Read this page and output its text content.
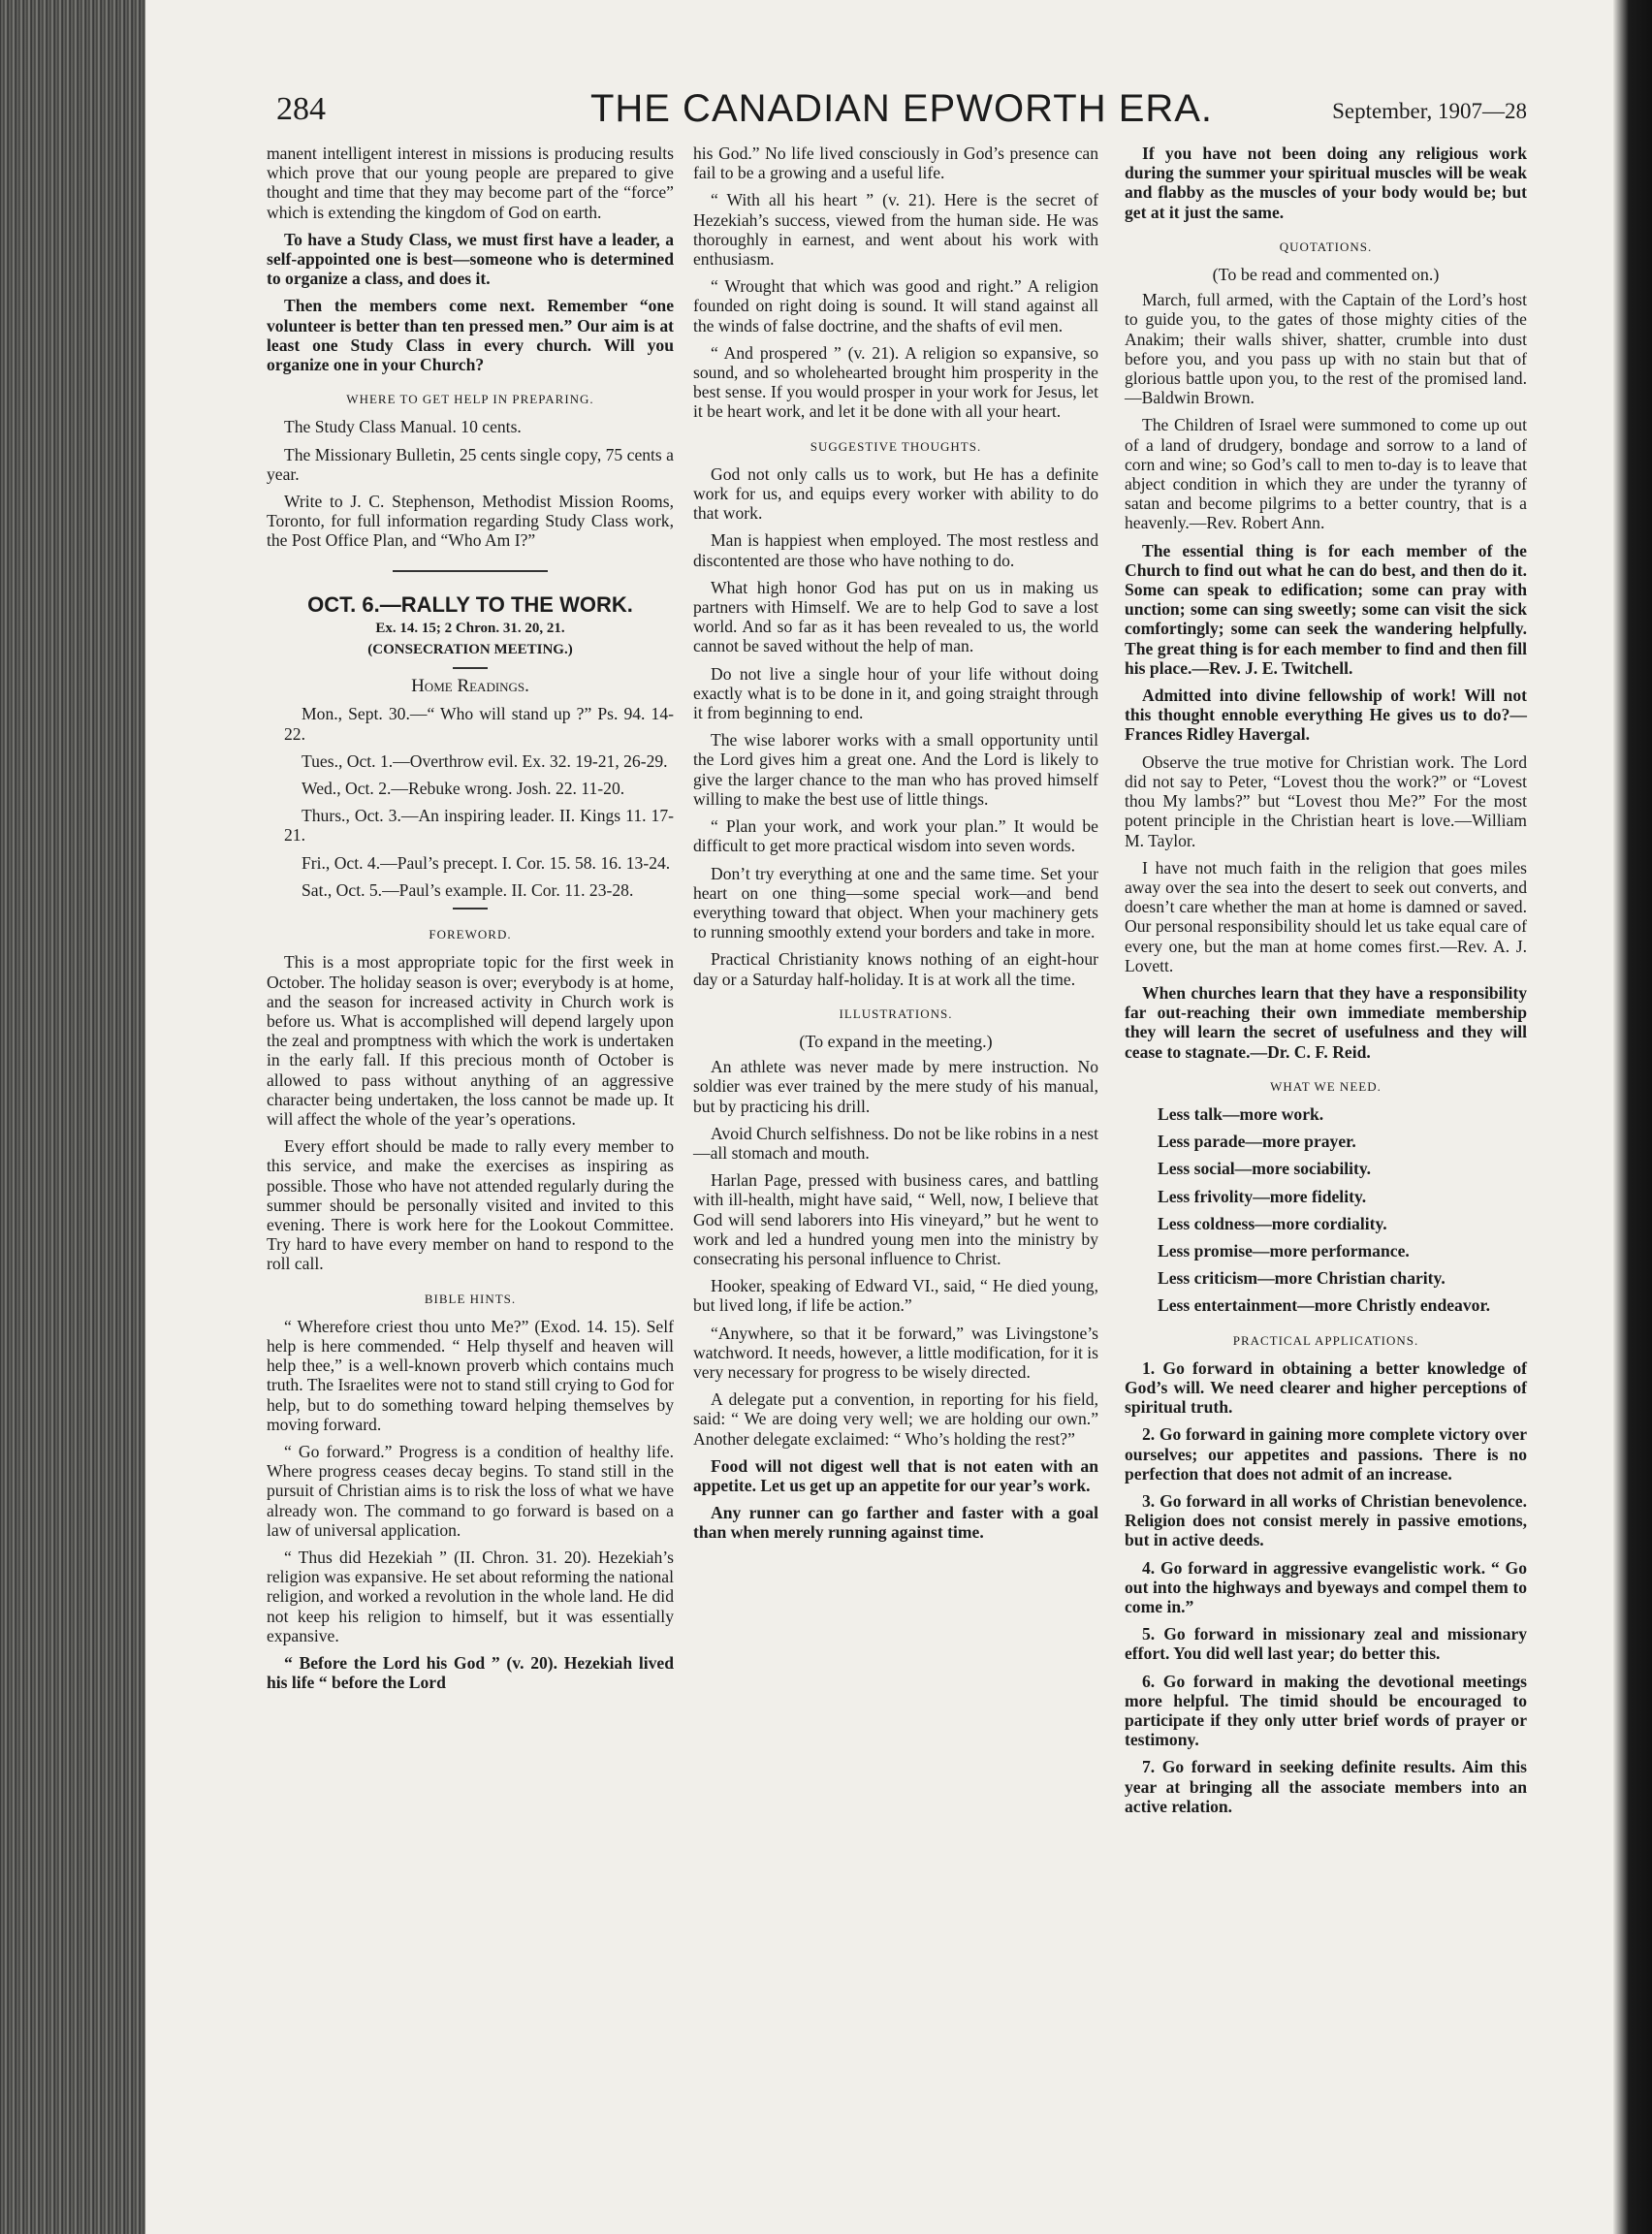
284	THE CANADIAN EPWORTH ERA.	September, 1907—28

manent intelligent interest in missions is producing results which prove that our young people are prepared to give thought and time that they may become part of the “force” which is extending the kingdom of God on earth.

To have a Study Class, we must first have a leader, a self-appointed one is best—someone who is determined to organize a class, and does it.

Then the members come next. Remember “one volunteer is better than ten pressed men.” Our aim is at least one Study Class in every church. Will you organize one in your Church?

WHERE TO GET HELP IN PREPARING.

The Study Class Manual. 10 cents.

The Missionary Bulletin, 25 cents single copy, 75 cents a year.

Write to J. C. Stephenson, Methodist Mission Rooms, Toronto, for full information regarding Study Class work, the Post Office Plan, and “Who Am I?”

OCT. 6.—RALLY TO THE WORK.
Ex. 14. 15; 2 Chron. 31. 20, 21.
(CONSECRATION MEETING.)
Home Readings.

Mon., Sept. 30.—“ Who will stand up ?” Ps. 94. 14-22.

Tues., Oct. 1.—Overthrow evil. Ex. 32. 19-21, 26-29.

Wed., Oct. 2.—Rebuke wrong. Josh. 22. 11-20.

Thurs., Oct. 3.—An inspiring leader. II. Kings 11. 17-21.

Fri., Oct. 4.—Paul’s precept. I. Cor. 15. 58. 16. 13-24.

Sat., Oct. 5.—Paul’s example. II. Cor. 11. 23-28.

FOREWORD.

This is a most appropriate topic for the first week in October. The holiday season is over; everybody is at home, and the season for increased activity in Church work is before us. What is accomplished will depend largely upon the zeal and promptness with which the work is undertaken in the early fall. If this precious month of October is allowed to pass without anything of an aggressive character being undertaken, the loss cannot be made up. It will affect the whole of the year’s operations.

Every effort should be made to rally every member to this service, and make the exercises as inspiring as possible. Those who have not attended regularly during the summer should be personally visited and invited to this evening. There is work here for the Lookout Committee. Try hard to have every member on hand to respond to the roll call.

BIBLE HINTS.

“ Wherefore criest thou unto Me?” (Exod. 14. 15). Self help is here commended. “ Help thyself and heaven will help thee,” is a well-known proverb which contains much truth. The Israelites were not to stand still crying to God for help, but to do something toward helping themselves by moving forward.

“ Go forward.” Progress is a condition of healthy life. Where progress ceases decay begins. To stand still in the pursuit of Christian aims is to risk the loss of what we have already won. The command to go forward is based on a law of universal application.

“ Thus did Hezekiah ” (II. Chron. 31. 20). Hezekiah’s religion was expansive. He set about reforming the national religion, and worked a revolution in the whole land. He did not keep his religion to himself, but it was essentially expansive.

“ Before the Lord his God ” (v. 20). Hezekiah lived his life “ before the Lord

his God.” No life lived consciously in God’s presence can fail to be a growing and a useful life.

“ With all his heart ” (v. 21). Here is the secret of Hezekiah’s success, viewed from the human side. He was thoroughly in earnest, and went about his work with enthusiasm.

“ Wrought that which was good and right.” A religion founded on right doing is sound. It will stand against all the winds of false doctrine, and the shafts of evil men.

“ And prospered ” (v. 21). A religion so expansive, so sound, and so wholehearted brought him prosperity in the best sense. If you would prosper in your work for Jesus, let it be heart work, and let it be done with all your heart.

SUGGESTIVE THOUGHTS.

God not only calls us to work, but He has a definite work for us, and equips every worker with ability to do that work.

Man is happiest when employed. The most restless and discontented are those who have nothing to do.

What high honor God has put on us in making us partners with Himself. We are to help God to save a lost world. And so far as it has been revealed to us, the world cannot be saved without the help of man.

Do not live a single hour of your life without doing exactly what is to be done in it, and going straight through it from beginning to end.

The wise laborer works with a small opportunity until the Lord gives him a great one. And the Lord is likely to give the larger chance to the man who has proved himself willing to make the best use of little things.

“ Plan your work, and work your plan.” It would be difficult to get more practical wisdom into seven words.

Don’t try everything at one and the same time. Set your heart on one thing—some special work—and bend everything toward that object. When your machinery gets to running smoothly extend your borders and take in more.

Practical Christianity knows nothing of an eight-hour day or a Saturday half-holiday. It is at work all the time.

ILLUSTRATIONS.
(To expand in the meeting.)

An athlete was never made by mere instruction. No soldier was ever trained by the mere study of his manual, but by practicing his drill.

Avoid Church selfishness. Do not be like robins in a nest—all stomach and mouth.

Harlan Page, pressed with business cares, and battling with ill-health, might have said, “ Well, now, I believe that God will send laborers into His vineyard,” but he went to work and led a hundred young men into the ministry by consecrating his personal influence to Christ.

Hooker, speaking of Edward VI., said, “ He died young, but lived long, if life be action.”

“Anywhere, so that it be forward,” was Livingstone’s watchword. It needs, however, a little modification, for it is very necessary for progress to be wisely directed.

A delegate put a convention, in reporting for his field, said: “ We are doing very well; we are holding our own.” Another delegate exclaimed: “ Who’s holding the rest?”

Food will not digest well that is not eaten with an appetite. Let us get up an appetite for our year’s work.

Any runner can go farther and faster with a goal than when merely running against time.

If you have not been doing any religious work during the summer your spiritual muscles will be weak and flabby as the muscles of your body would be; but get at it just the same.

QUOTATIONS.
(To be read and commented on.)

March, full armed, with the Captain of the Lord’s host to guide you, to the gates of those mighty cities of the Anakim; their walls shiver, shatter, crumble into dust before you, and you pass up with no stain but that of glorious battle upon you, to the rest of the promised land.—Baldwin Brown.

The Children of Israel were summoned to come up out of a land of drudgery, bondage and sorrow to a land of corn and wine; so God’s call to men to-day is to leave that abject condition in which they are under the tyranny of satan and become pilgrims to a better country, that is a heavenly.—Rev. Robert Ann.

The essential thing is for each member of the Church to find out what he can do best, and then do it. Some can speak to edification; some can pray with unction; some can sing sweetly; some can visit the sick comfortingly; some can seek the wandering helpfully. The great thing is for each member to find and then fill his place.—Rev. J. E. Twitchell.

Admitted into divine fellowship of work! Will not this thought ennoble everything He gives us to do?—Frances Ridley Havergal.

Observe the true motive for Christian work. The Lord did not say to Peter, “Lovest thou the work?” or “Lovest thou My lambs?” but “Lovest thou Me?” For the most potent principle in the Christian heart is love.—William M. Taylor.

I have not much faith in the religion that goes miles away over the sea into the desert to seek out converts, and doesn’t care whether the man at home is damned or saved. Our personal responsibility should let us take equal care of every one, but the man at home comes first.—Rev. A. J. Lovett.

When churches learn that they have a responsibility far out-reaching their own immediate membership they will learn the secret of usefulness and they will cease to stagnate.—Dr. C. F. Reid.

WHAT WE NEED.

Less talk—more work.

Less parade—more prayer.

Less social—more sociability.

Less frivolity—more fidelity.

Less coldness—more cordiality.

Less promise—more performance.

Less criticism—more Christian charity.

Less entertainment—more Christly endeavor.

PRACTICAL APPLICATIONS.

1. Go forward in obtaining a better knowledge of God’s will. We need clearer and higher perceptions of spiritual truth.

2. Go forward in gaining more complete victory over ourselves; our appetites and passions. There is no perfection that does not admit of an increase.

3. Go forward in all works of Christian benevolence. Religion does not consist merely in passive emotions, but in active deeds.

4. Go forward in aggressive evangelistic work. “ Go out into the highways and byeways and compel them to come in.”

5. Go forward in missionary zeal and missionary effort. You did well last year; do better this.

6. Go forward in making the devotional meetings more helpful. The timid should be encouraged to participate if they only utter brief words of prayer or testimony.

7. Go forward in seeking definite results. Aim this year at bringing all the associate members into an active relation.
